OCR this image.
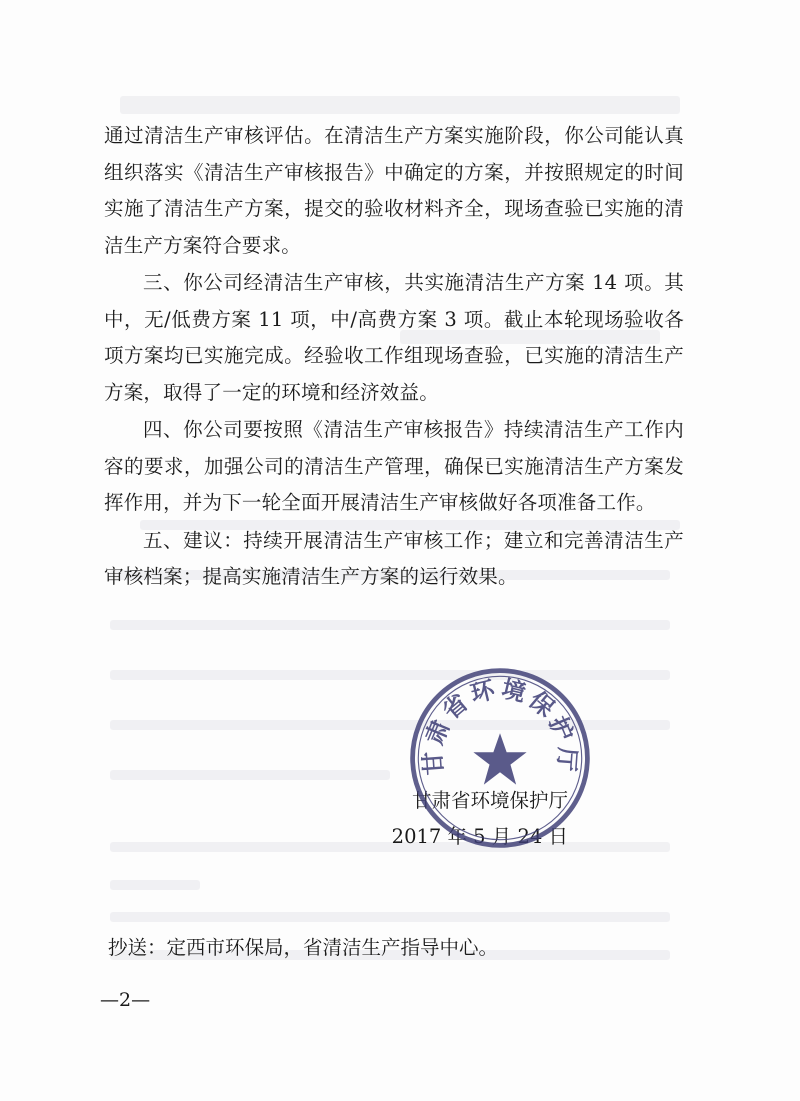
通过清洁生产审核评估。在清洁生产方案实施阶段，你公司能认真组织落实《清洁生产审核报告》中确定的方案，并按照规定的时间实施了清洁生产方案，提交的验收材料齐全，现场查验已实施的清洁生产方案符合要求。

三、你公司经清洁生产审核，共实施清洁生产方案 14 项。其中，无/低费方案 11 项，中/高费方案 3 项。截止本轮现场验收各项方案均已实施完成。经验收工作组现场查验，已实施的清洁生产方案，取得了一定的环境和经济效益。

四、你公司要按照《清洁生产审核报告》持续清洁生产工作内容的要求，加强公司的清洁生产管理，确保已实施清洁生产方案发挥作用，并为下一轮全面开展清洁生产审核做好各项准备工作。

五、建议：持续开展清洁生产审核工作；建立和完善清洁生产审核档案；提高实施清洁生产方案的运行效果。

甘肃省环境保护厅
2017 年 5 月 24 日
甘肃省环境保护厅
抄送：定西市环保局，省清洁生产指导中心。
—2—
